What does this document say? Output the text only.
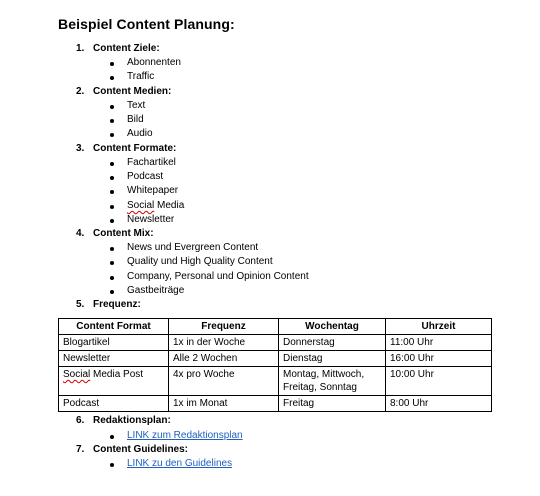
Beispiel Content Planung:
1. Content Ziele:
Abonnenten
Traffic
2. Content Medien:
Text
Bild
Audio
3. Content Formate:
Fachartikel
Podcast
Whitepaper
Social Media
Newsletter
4. Content Mix:
News und Evergreen Content
Quality und High Quality Content
Company, Personal und Opinion Content
Gastbeiträge
5. Frequenz:
Content Format	Frequenz	Wochentag	Uhrzeit
Blogartikel	1x in der Woche	Donnerstag	11:00 Uhr
Newsletter	Alle 2 Wochen	Dienstag	16:00 Uhr
Social Media Post	4x pro Woche	Montag, Mittwoch, Freitag, Sonntag	10:00 Uhr
Podcast	1x im Monat	Freitag	8:00 Uhr
6. Redaktionsplan:
LINK zum Redaktionsplan
7. Content Guidelines:
LINK zu den Guidelines
